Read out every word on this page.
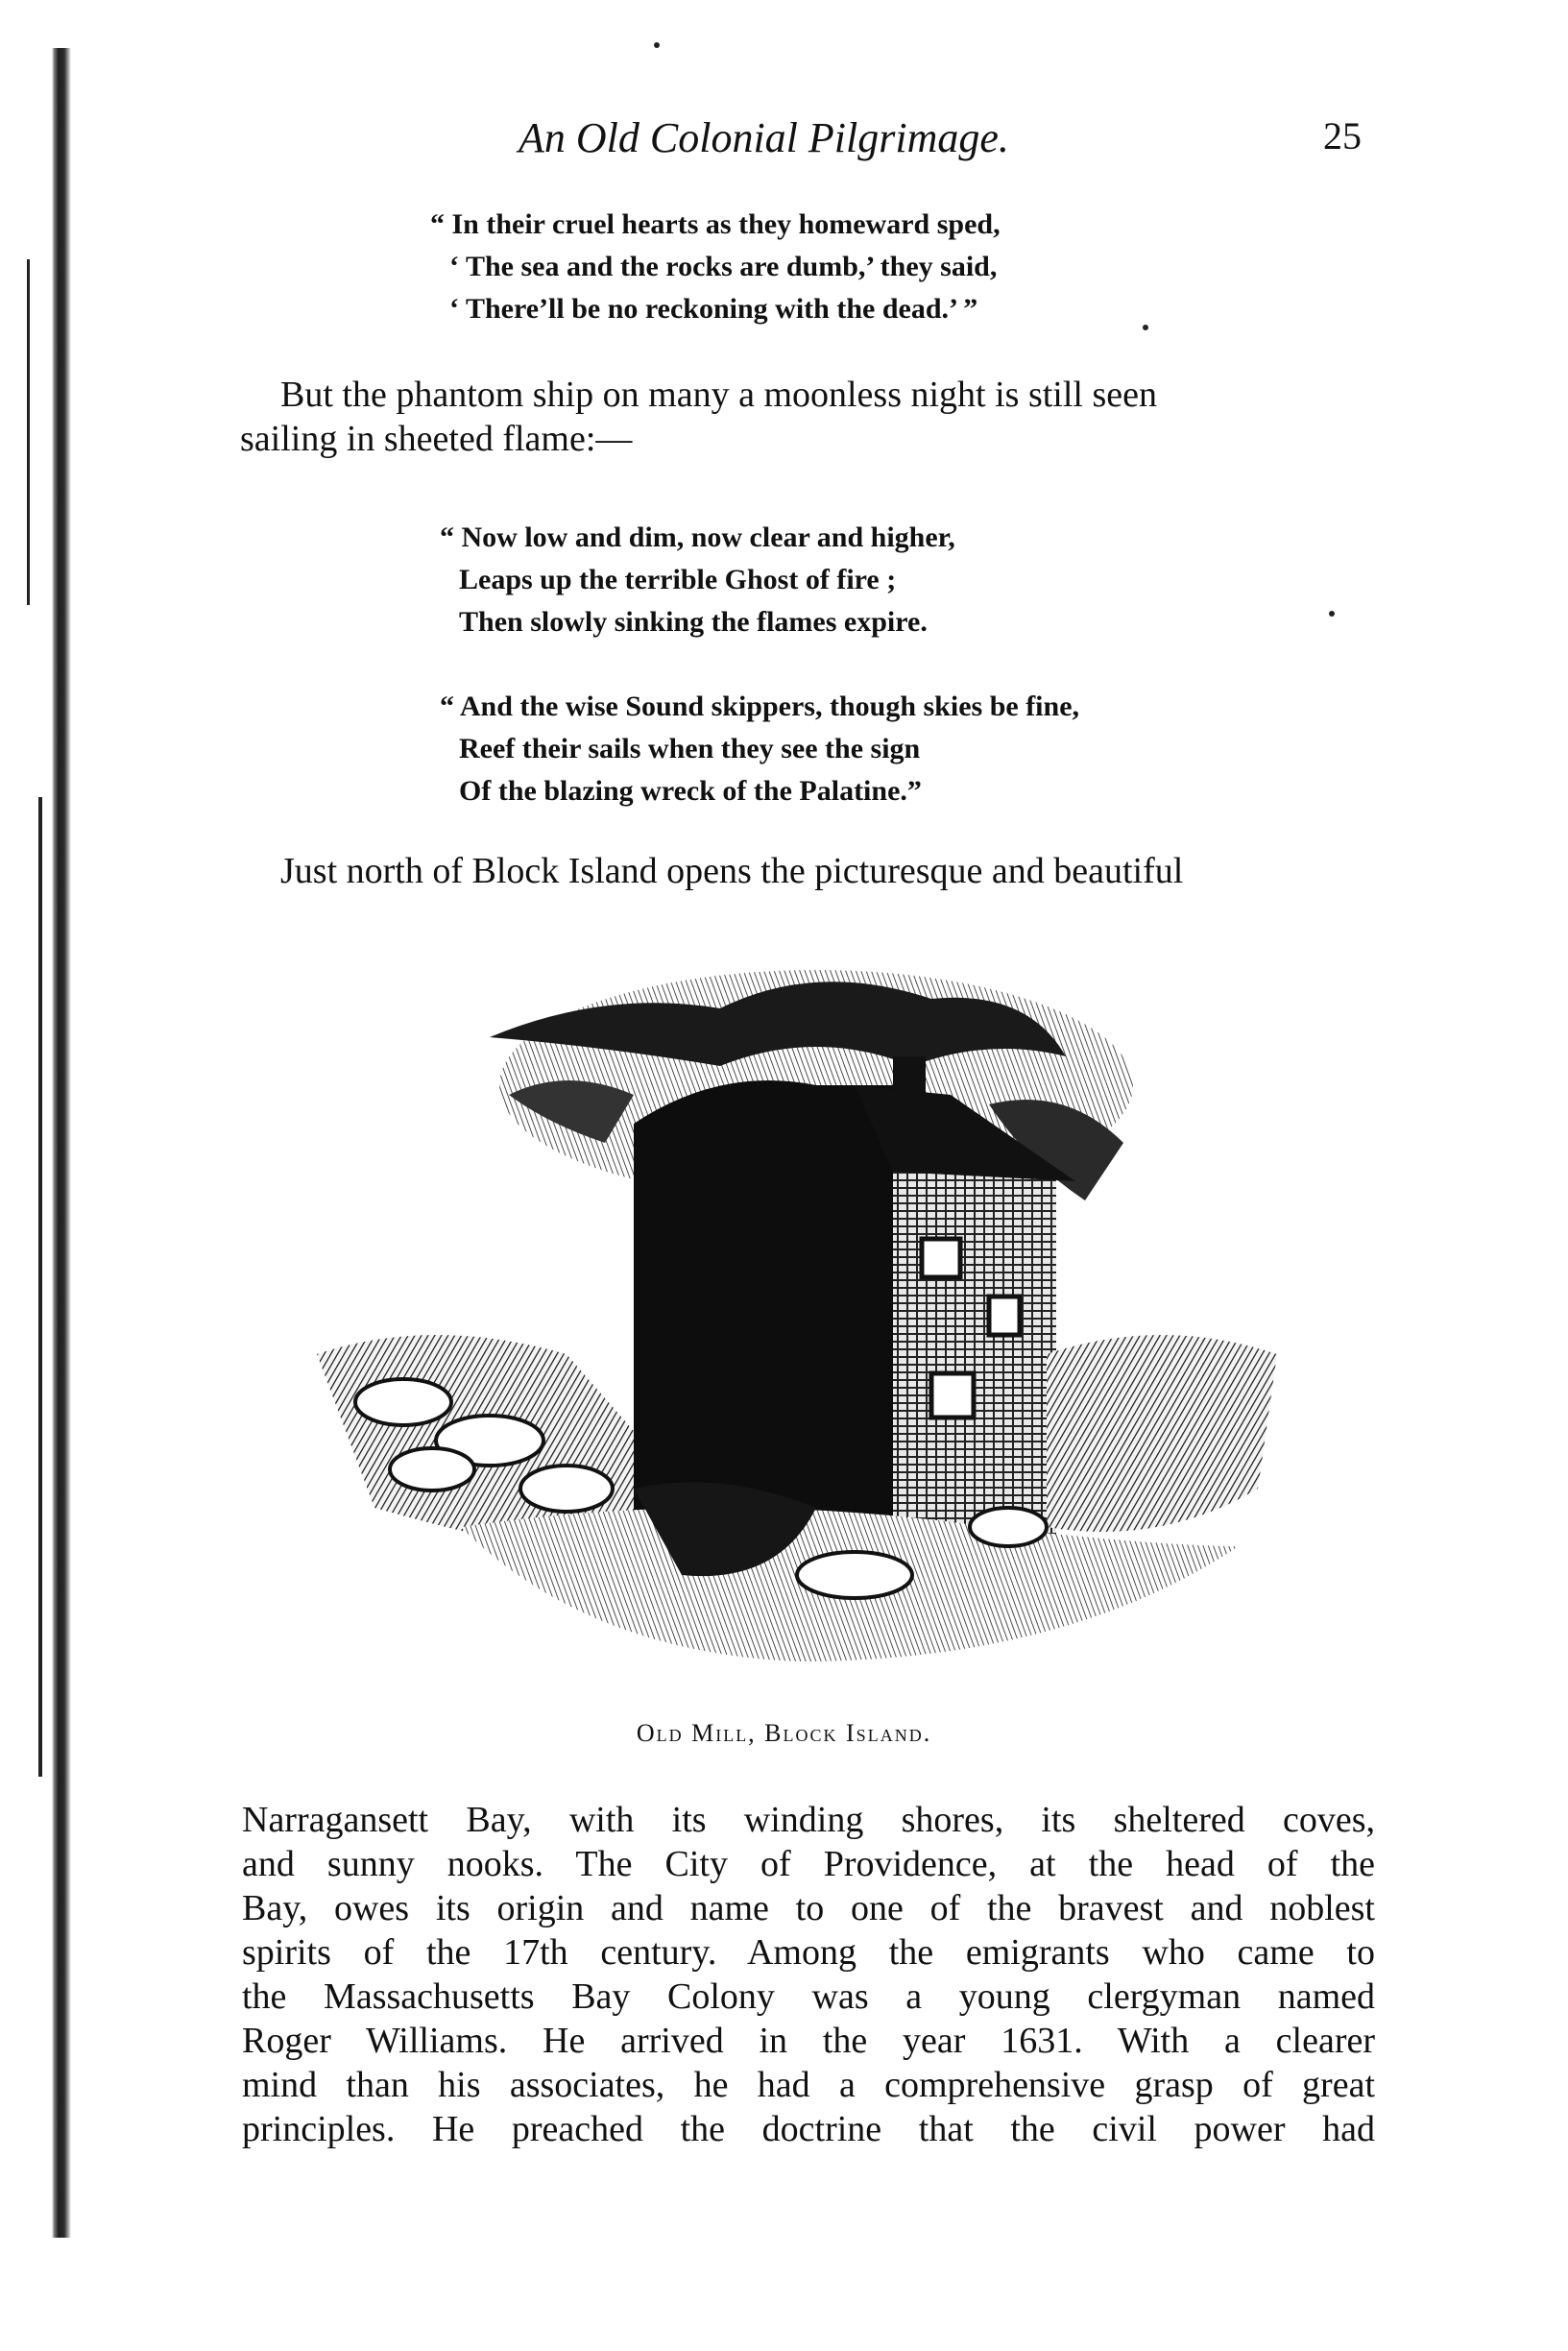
An Old Colonial Pilgrimage.	25
“ In their cruel hearts as they homeward sped,
‘ The sea and the rocks are dumb,’ they said,
‘ There’ll be no reckoning with the dead.’ ”
But the phantom ship on many a moonless night is still seen
sailing in sheeted flame:—
“ Now low and dim, now clear and higher,
Leaps up the terrible Ghost of fire ;
Then slowly sinking the flames expire.
“ And the wise Sound skippers, though skies be fine,
Reef their sails when they see the sign
Of the blazing wreck of the Palatine.”
Just north of Block Island opens the picturesque and beautiful
Old Mill, Block Island.
Narragansett Bay, with its winding shores, its sheltered coves,
and sunny nooks. The City of Providence, at the head of the
Bay, owes its origin and name to one of the bravest and noblest
spirits of the 17th century. Among the emigrants who came to
the Massachusetts Bay Colony was a young clergyman named
Roger Williams. He arrived in the year 1631. With a clearer
mind than his associates, he had a comprehensive grasp of great
principles. He preached the doctrine that the civil power had
